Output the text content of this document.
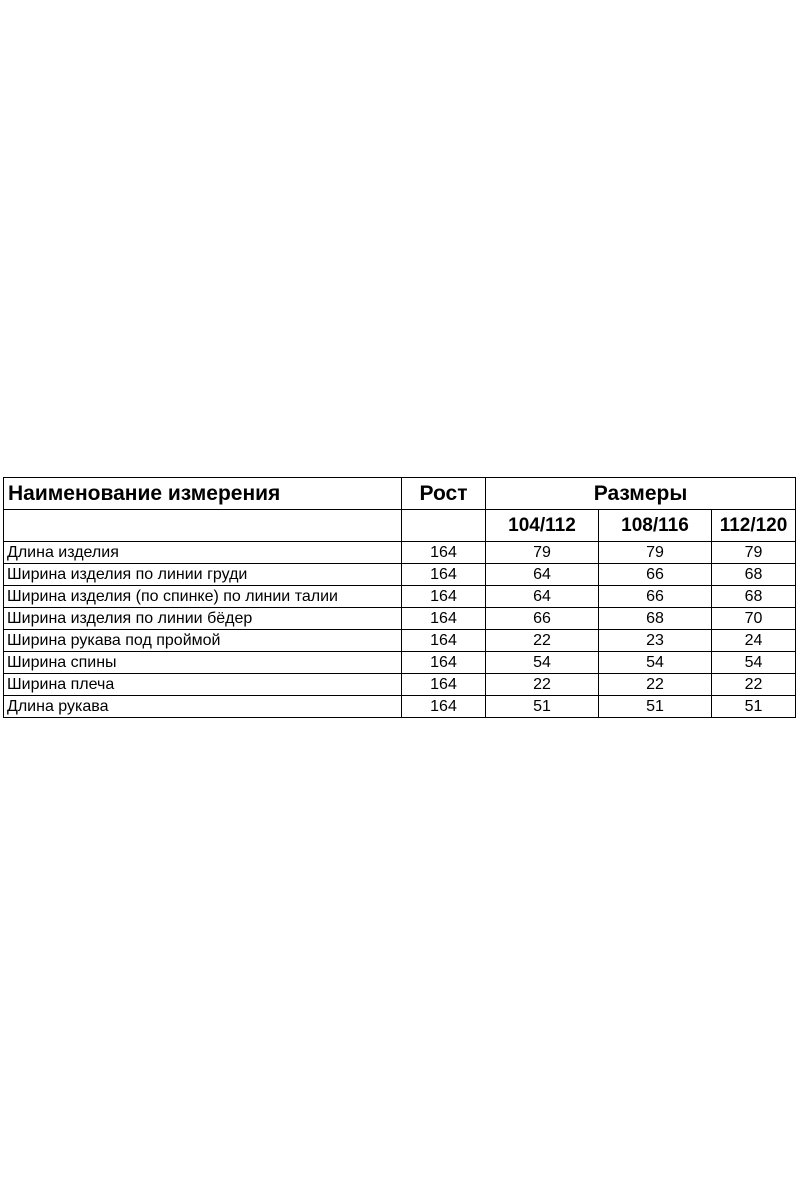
Наименование измерения	Рост	Размеры		
		104/112	108/116	112/120
Длина изделия	164	79	79	79
Ширина изделия по линии груди	164	64	66	68
Ширина изделия (по спинке) по линии талии	164	64	66	68
Ширина изделия по линии бёдер	164	66	68	70
Ширина рукава под проймой	164	22	23	24
Ширина спины	164	54	54	54
Ширина плеча	164	22	22	22
Длина рукава	164	51	51	51
